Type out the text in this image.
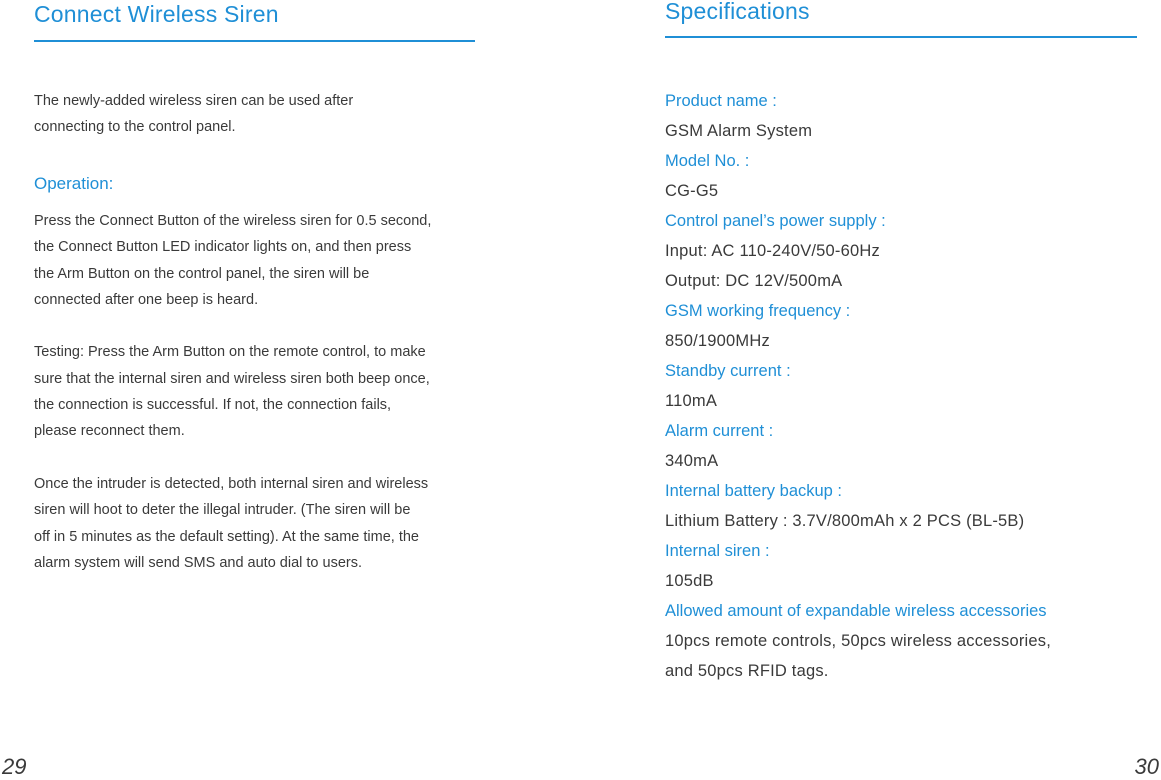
Connect Wireless Siren
The newly-added wireless siren can be used after
connecting to the control panel.
Operation:

Press the Connect Button of the wireless siren for 0.5 second,
the Connect Button LED indicator lights on, and then press
the Arm Button on the control panel, the siren will be
connected after one beep is heard.

Testing: Press the Arm Button on the remote control, to make
sure that the internal siren and wireless siren both beep once,
the connection is successful. If not, the connection fails,
please reconnect them.

Once the intruder is detected, both internal siren and wireless
siren will hoot to deter the illegal intruder. (The siren will be
off in 5 minutes as the default setting). At the same time, the
alarm system will send SMS and auto dial to users.

29
Specifications
Product name :
GSM Alarm System
Model No. :
CG-G5
Control panel’s power supply :
Input: AC 110-240V/50-60Hz
Output: DC 12V/500mA
GSM working frequency :
850/1900MHz
Standby current :
110mA
Alarm current :
340mA
Internal battery backup :
Lithium Battery : 3.7V/800mAh x 2 PCS (BL-5B)
Internal siren :
105dB
Allowed amount of expandable wireless accessories
10pcs remote controls, 50pcs wireless accessories,
and 50pcs RFID tags.
30
